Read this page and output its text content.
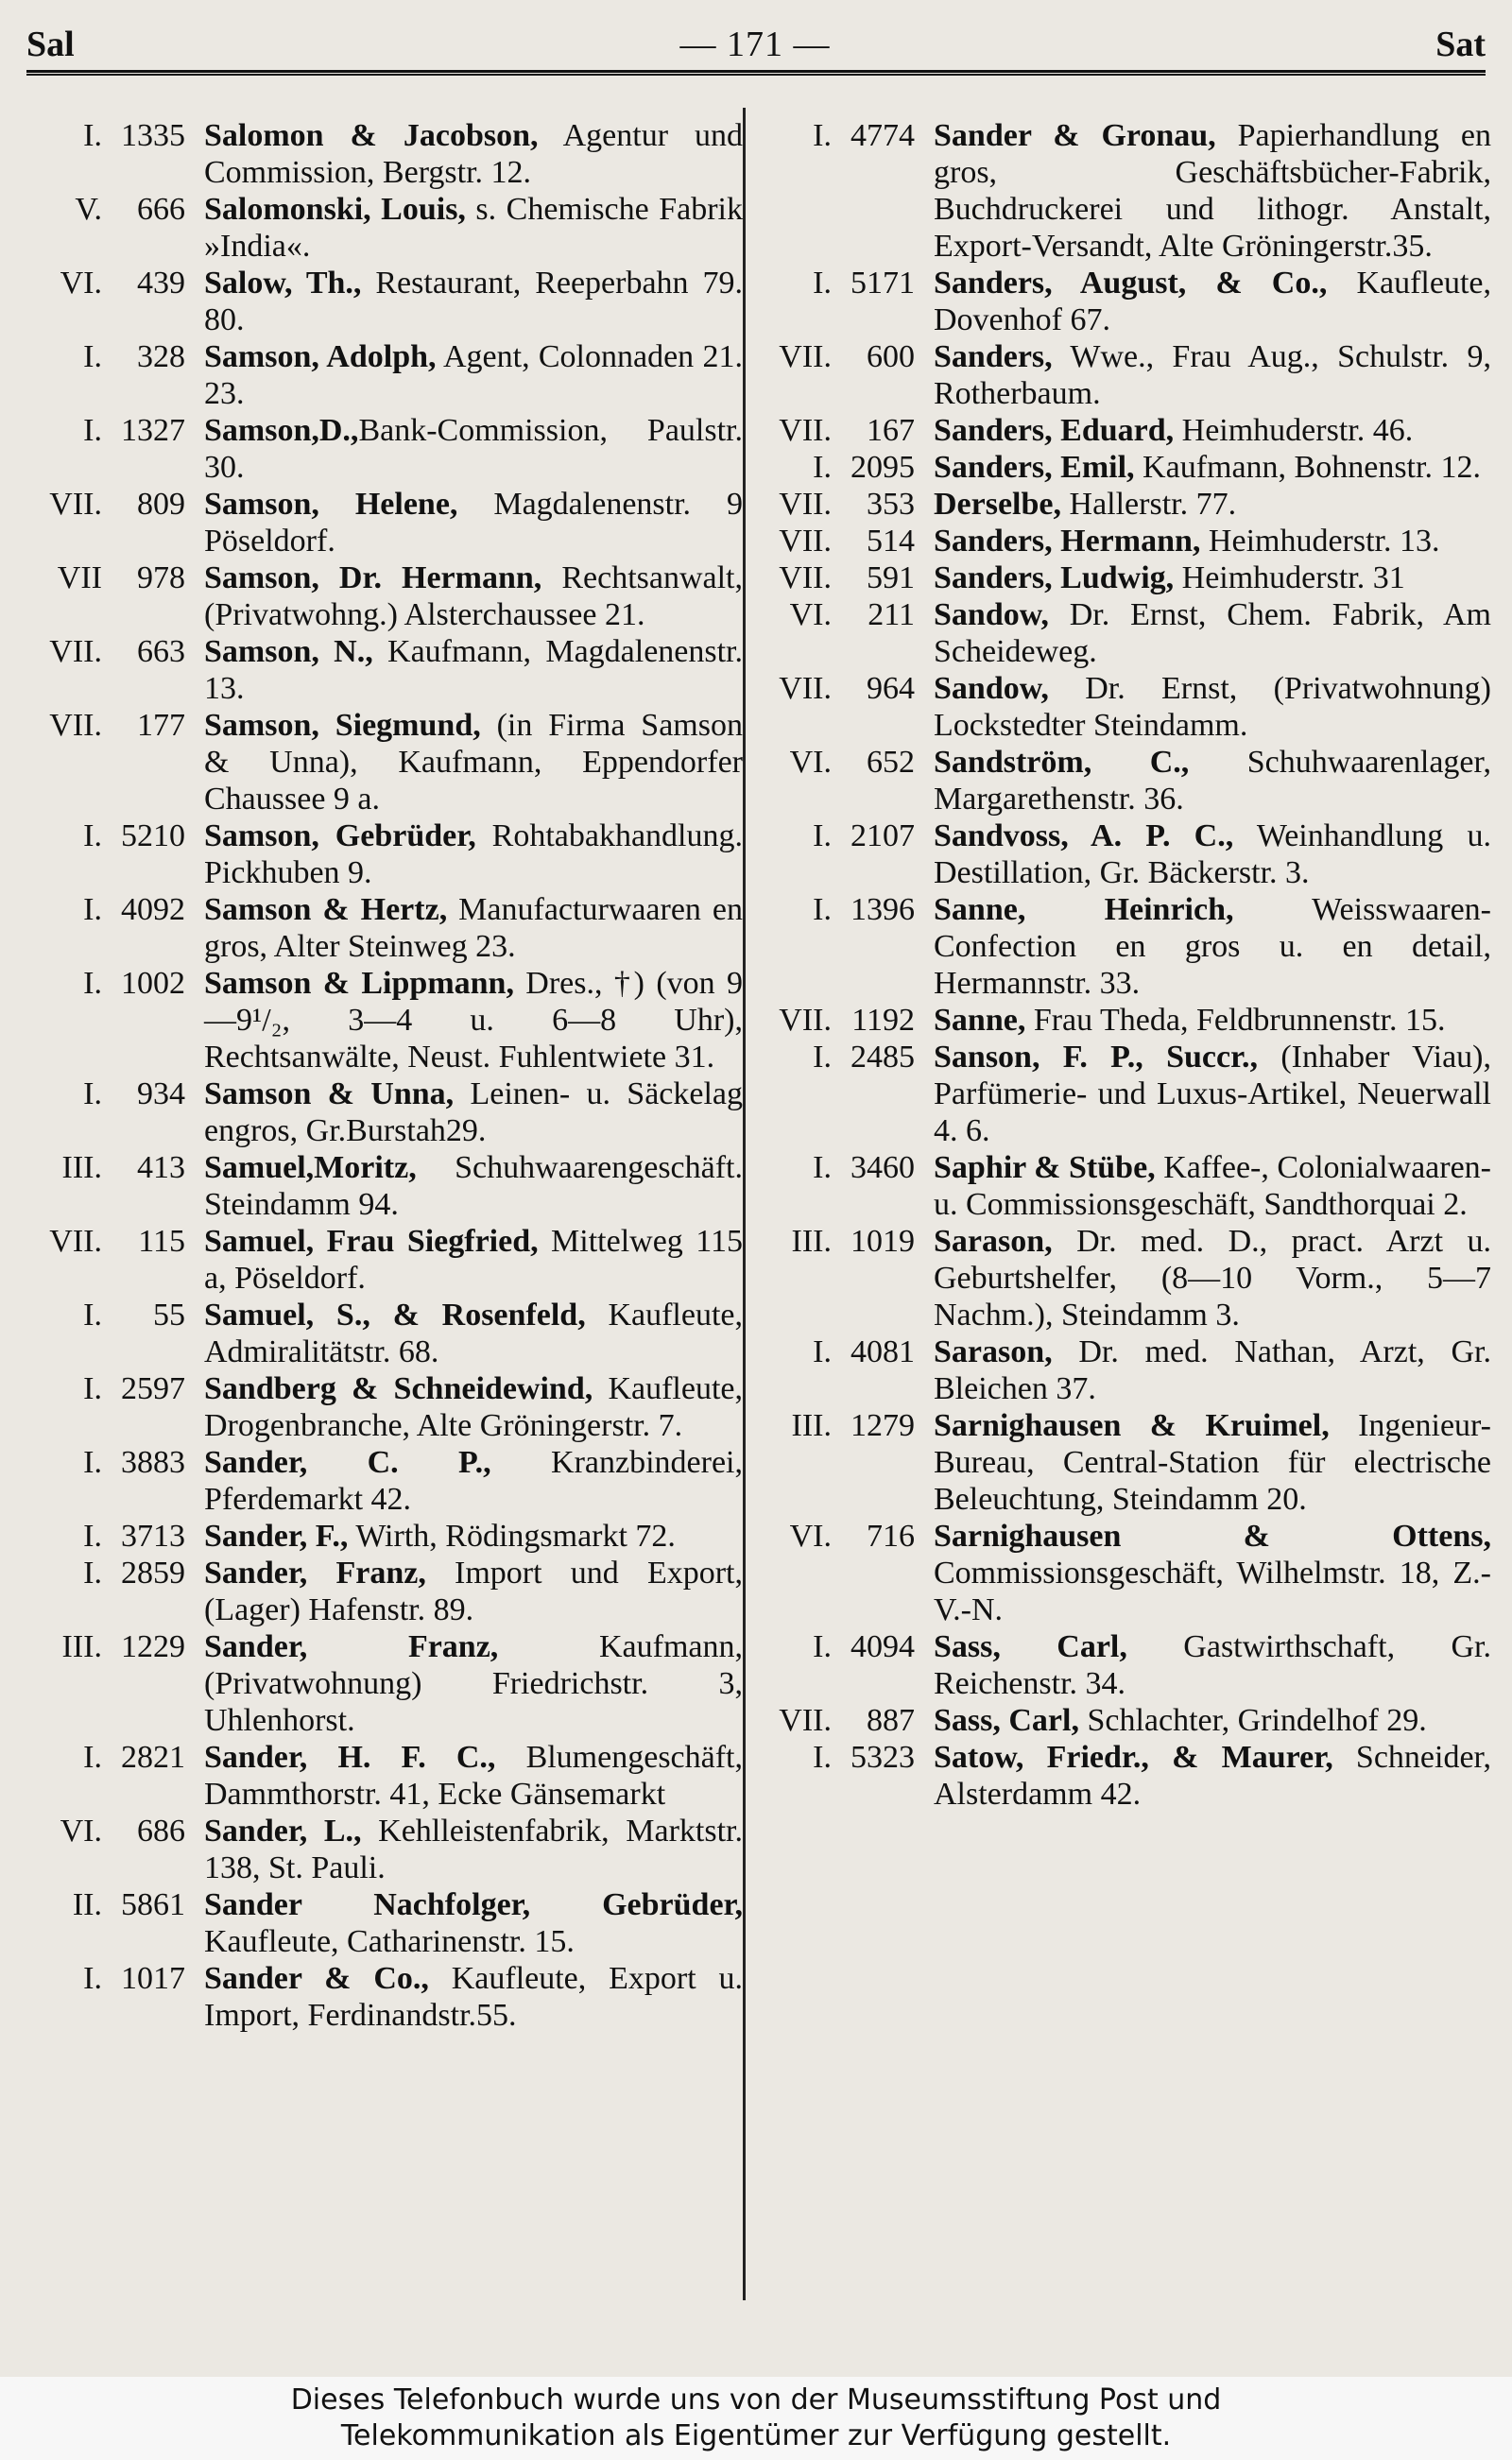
Sal	— 171 —	Sat
I. 1335 Salomon & Jacobson, Agentur und Commission, Bergstr. 12.
V.	666 Salomonski, Louis, s. Chemische Fabrik »India«.
VI.	439 Salow, Th., Restaurant, Reeperbahn 79. 80.
I.	328 Samson, Adolph, Agent, Colonnaden 21. 23.
I. 1327 Samson,D.,Bank-Commission, Paulstr. 30.
VII.	809 Samson, Helene, Magdalenenstr. 9 Pöseldorf.
VII	978 Samson, Dr. Hermann, Rechtsanwalt, (Privatwohng.) Alsterchaussee 21.
VII.	663 Samson, N., Kaufmann, Magdalenenstr. 13.
VII.	177 Samson, Siegmund, (in Firma Samson & Unna), Kaufmann, Eppendorfer Chaussee 9 a.
I. 5210 Samson, Gebrüder, Rohtabakhandlung. Pickhuben 9.
I. 4092 Samson & Hertz, Manufacturwaaren en gros, Alter Steinweg 23.
I. 1002 Samson & Lippmann, Dres., †) (von 9—9¹/₂, 3—4 u. 6—8 Uhr), Rechtsanwälte, Neust. Fuhlentwiete 31.
I.	934 Samson & Unna, Leinen- u. Säckelag engros, Gr.Burstah29.
III.	413 Samuel,Moritz, Schuhwaarengeschäft. Steindamm 94.
VII.	115 Samuel, Frau Siegfried, Mittelweg 115 a, Pöseldorf.
I.	55 Samuel, S., & Rosenfeld, Kaufleute, Admiralitätstr. 68.
I. 2597 Sandberg & Schneidewind, Kaufleute, Drogenbranche, Alte Gröningerstr. 7.
I. 3883 Sander, C. P., Kranzbinderei, Pferdemarkt 42.
I. 3713 Sander, F., Wirth, Rödingsmarkt 72.
I. 2859 Sander, Franz, Import und Export, (Lager) Hafenstr. 89.
III. 1229 Sander, Franz, Kaufmann, (Privatwohnung) Friedrichstr. 3, Uhlenhorst.
I. 2821 Sander, H. F. C., Blumengeschäft, Dammthorstr. 41, Ecke Gänsemarkt
VI.	686 Sander, L., Kehlleistenfabrik, Marktstr. 138, St. Pauli.
II. 5861 Sander Nachfolger, Gebrüder, Kaufleute, Catharinenstr. 15.
I. 1017 Sander & Co., Kaufleute, Export u. Import, Ferdinandstr.55.
I. 4774 Sander & Gronau, Papierhandlung en gros, Geschäftsbücher-Fabrik, Buchdruckerei und lithogr. Anstalt, Export-Versandt, Alte Gröningerstr.35.
I. 5171 Sanders, August, & Co., Kaufleute, Dovenhof 67.
VII.	600 Sanders, Wwe., Frau Aug., Schulstr. 9, Rotherbaum.
VII.	167 Sanders, Eduard, Heimhuderstr. 46.
I. 2095 Sanders, Emil, Kaufmann, Bohnenstr. 12.
VII.	353 Derselbe, Hallerstr. 77.
VII.	514 Sanders, Hermann, Heimhuderstr. 13.
VII.	591 Sanders, Ludwig, Heimhuderstr. 31
VI.	211 Sandow, Dr. Ernst, Chem. Fabrik, Am Scheideweg.
VII.	964 Sandow, Dr. Ernst, (Privatwohnung) Lockstedter Steindamm.
VI.	652 Sandström, C., Schuhwaarenlager, Margarethenstr. 36.
I. 2107 Sandvoss, A. P. C., Weinhandlung u. Destillation, Gr. Bäckerstr. 3.
I. 1396 Sanne, Heinrich, Weisswaaren-Confection en gros u. en detail, Hermannstr. 33.
VII. 1192 Sanne, Frau Theda, Feldbrunnenstr. 15.
I. 2485 Sanson, F. P., Succr., (Inhaber Viau), Parfümerie- und Luxus-Artikel, Neuerwall 4. 6.
I. 3460 Saphir & Stübe, Kaffee-, Colonialwaaren- u. Commissionsgeschäft, Sandthorquai 2.
III. 1019 Sarason, Dr. med. D., pract. Arzt u. Geburtshelfer, (8—10 Vorm., 5—7 Nachm.), Steindamm 3.
I. 4081 Sarason, Dr. med. Nathan, Arzt, Gr. Bleichen 37.
III. 1279 Sarnighausen & Kruimel, Ingenieur-Bureau, Central-Station für electrische Beleuchtung, Steindamm 20.
VI.	716 Sarnighausen & Ottens, Commissionsgeschäft, Wilhelmstr. 18, Z.-V.-N.
I. 4094 Sass, Carl, Gastwirthschaft, Gr. Reichenstr. 34.
VII.	887 Sass, Carl, Schlachter, Grindelhof 29.
I. 5323 Satow, Friedr., & Maurer, Schneider, Alsterdamm 42.
Dieses Telefonbuch wurde uns von der Museumsstiftung Post und
Telekommunikation als Eigentümer zur Verfügung gestellt.
